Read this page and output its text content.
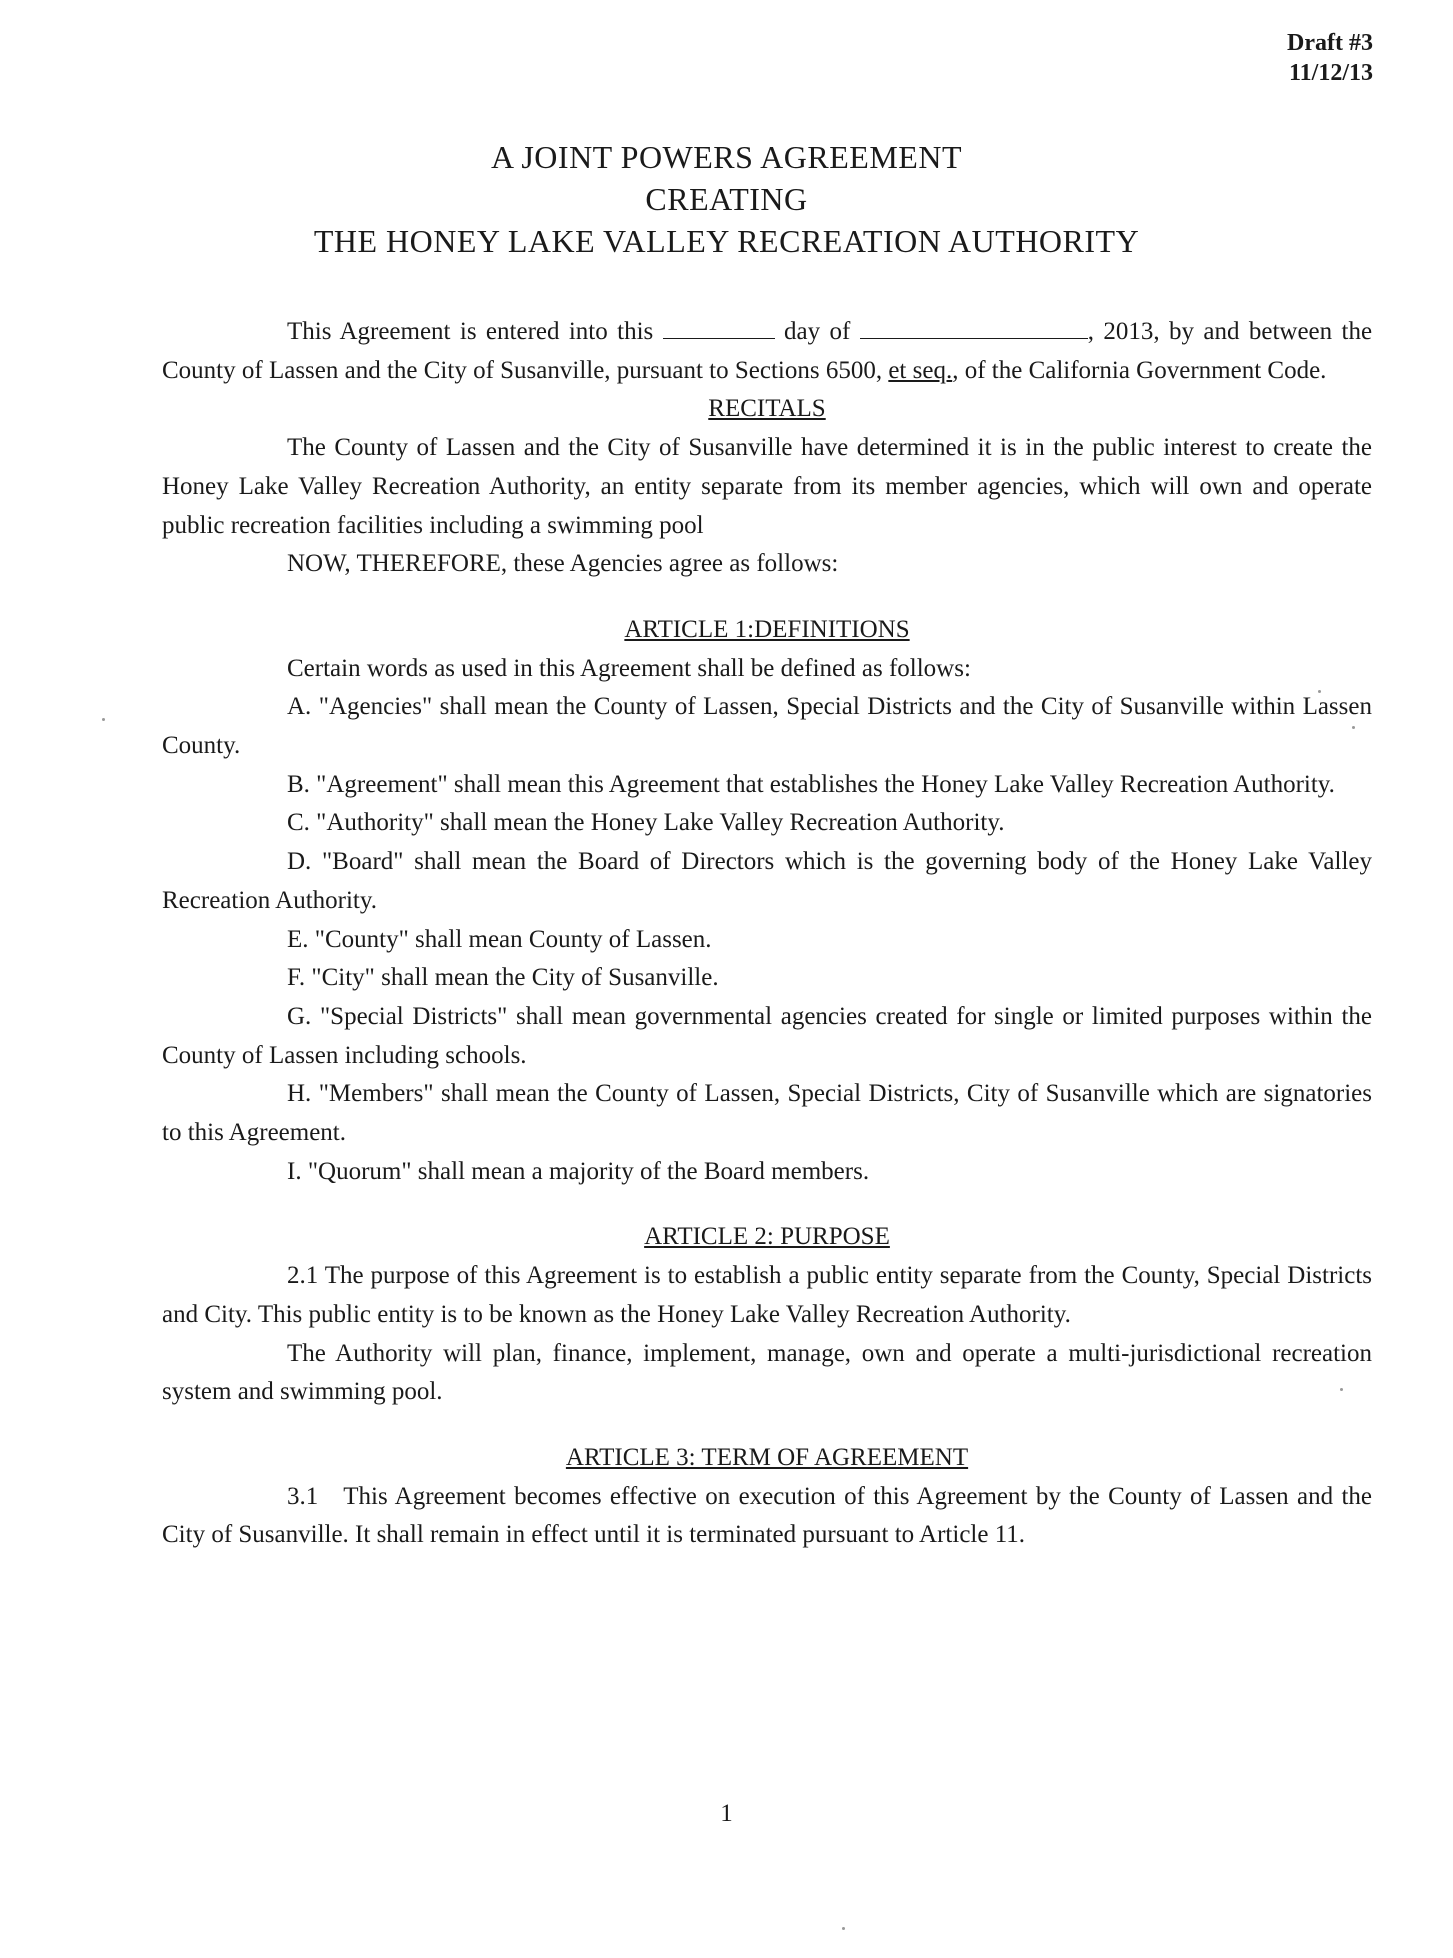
Draft #3
11/12/13
A JOINT POWERS AGREEMENT
CREATING
THE HONEY LAKE VALLEY RECREATION AUTHORITY

This Agreement is entered into this	day of	, 2013, by and between the County of Lassen and the City of Susanville, pursuant to Sections 6500, et seq., of the California Government Code.

RECITALS

The County of Lassen and the City of Susanville have determined it is in the public interest to create the Honey Lake Valley Recreation Authority, an entity separate from its member agencies, which will own and operate public recreation facilities including a swimming pool

NOW, THEREFORE, these Agencies agree as follows:

ARTICLE 1:DEFINITIONS

Certain words as used in this Agreement shall be defined as follows:

A. "Agencies" shall mean the County of Lassen, Special Districts and the City of Susanville within Lassen County.

B. "Agreement" shall mean this Agreement that establishes the Honey Lake Valley Recreation Authority.

C. "Authority" shall mean the Honey Lake Valley Recreation Authority.

D. "Board" shall mean the Board of Directors which is the governing body of the Honey Lake Valley Recreation Authority.

E. "County" shall mean County of Lassen.

F. "City" shall mean the City of Susanville.

G. "Special Districts" shall mean governmental agencies created for single or limited purposes within the County of Lassen including schools.

H. "Members" shall mean the County of Lassen, Special Districts, City of Susanville which are signatories to this Agreement.

I. "Quorum" shall mean a majority of the Board members.

ARTICLE 2: PURPOSE

2.1 The purpose of this Agreement is to establish a public entity separate from the County, Special Districts and City. This public entity is to be known as the Honey Lake Valley Recreation Authority.

The Authority will plan, finance, implement, manage, own and operate a multi-jurisdictional recreation system and swimming pool.

ARTICLE 3: TERM OF AGREEMENT

3.1 This Agreement becomes effective on execution of this Agreement by the County of Lassen and the City of Susanville. It shall remain in effect until it is terminated pursuant to Article 11.

1
